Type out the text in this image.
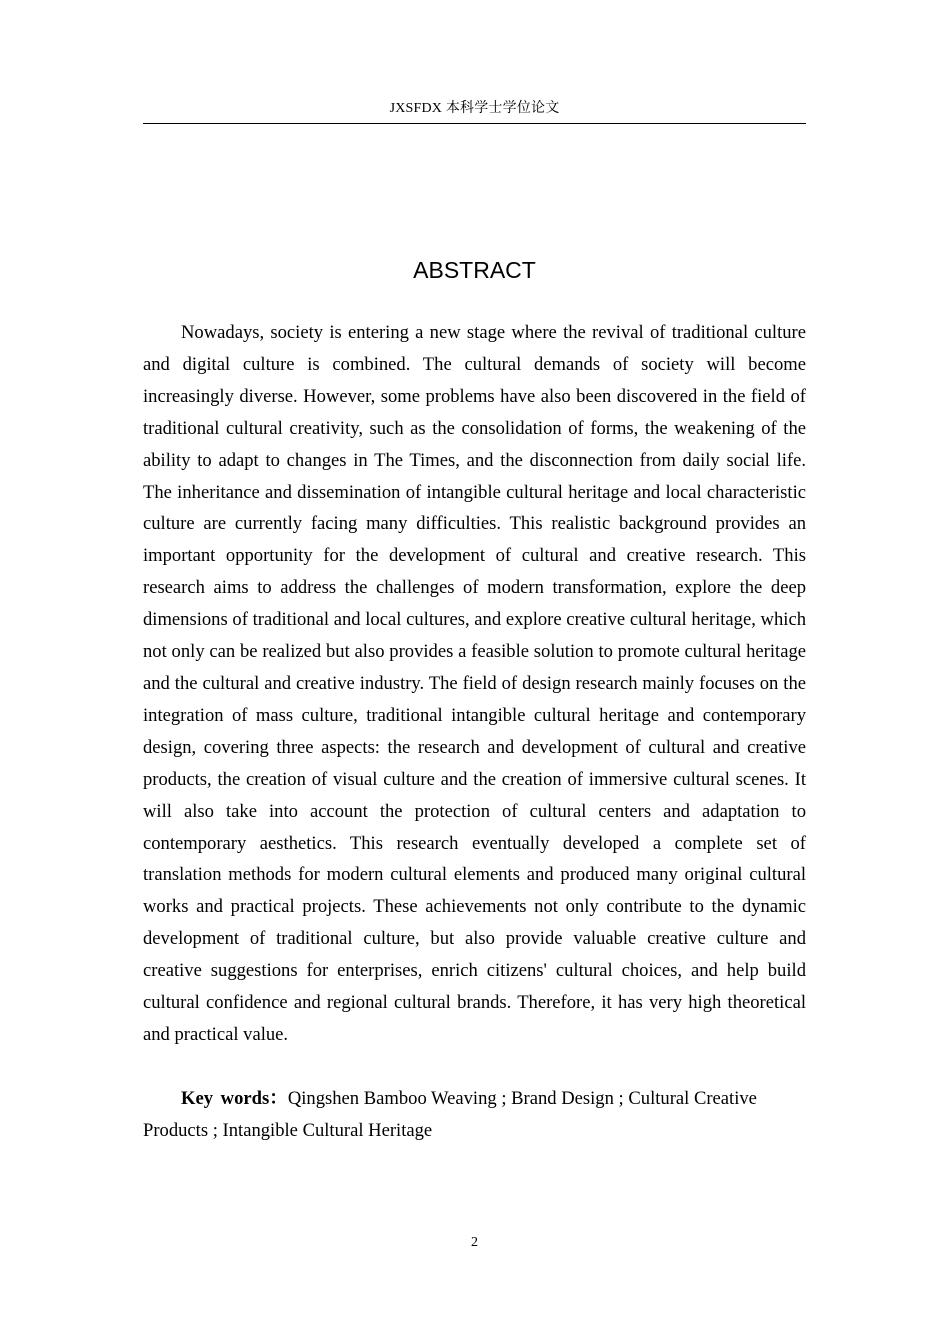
JXSFDX 本科学士学位论文
ABSTRACT

Nowadays, society is entering a new stage where the revival of traditional culture and digital culture is combined. The cultural demands of society will become increasingly diverse. However, some problems have also been discovered in the field of traditional cultural creativity, such as the consolidation of forms, the weakening of the ability to adapt to changes in The Times, and the disconnection from daily social life. The inheritance and dissemination of intangible cultural heritage and local characteristic culture are currently facing many difficulties. This realistic background provides an important opportunity for the development of cultural and creative research. This research aims to address the challenges of modern transformation, explore the deep dimensions of traditional and local cultures, and explore creative cultural heritage, which not only can be realized but also provides a feasible solution to promote cultural heritage and the cultural and creative industry. The field of design research mainly focuses on the integration of mass culture, traditional intangible cultural heritage and contemporary design, covering three aspects: the research and development of cultural and creative products, the creation of visual culture and the creation of immersive cultural scenes. It will also take into account the protection of cultural centers and adaptation to contemporary aesthetics. This research eventually developed a complete set of translation methods for modern cultural elements and produced many original cultural works and practical projects. These achievements not only contribute to the dynamic development of traditional culture, but also provide valuable creative culture and creative suggestions for enterprises, enrich citizens' cultural choices, and help build cultural confidence and regional cultural brands. Therefore, it has very high theoretical and practical value.

Key words：Qingshen Bamboo Weaving ; Brand Design ; Cultural Creative Products ; Intangible Cultural Heritage

2
